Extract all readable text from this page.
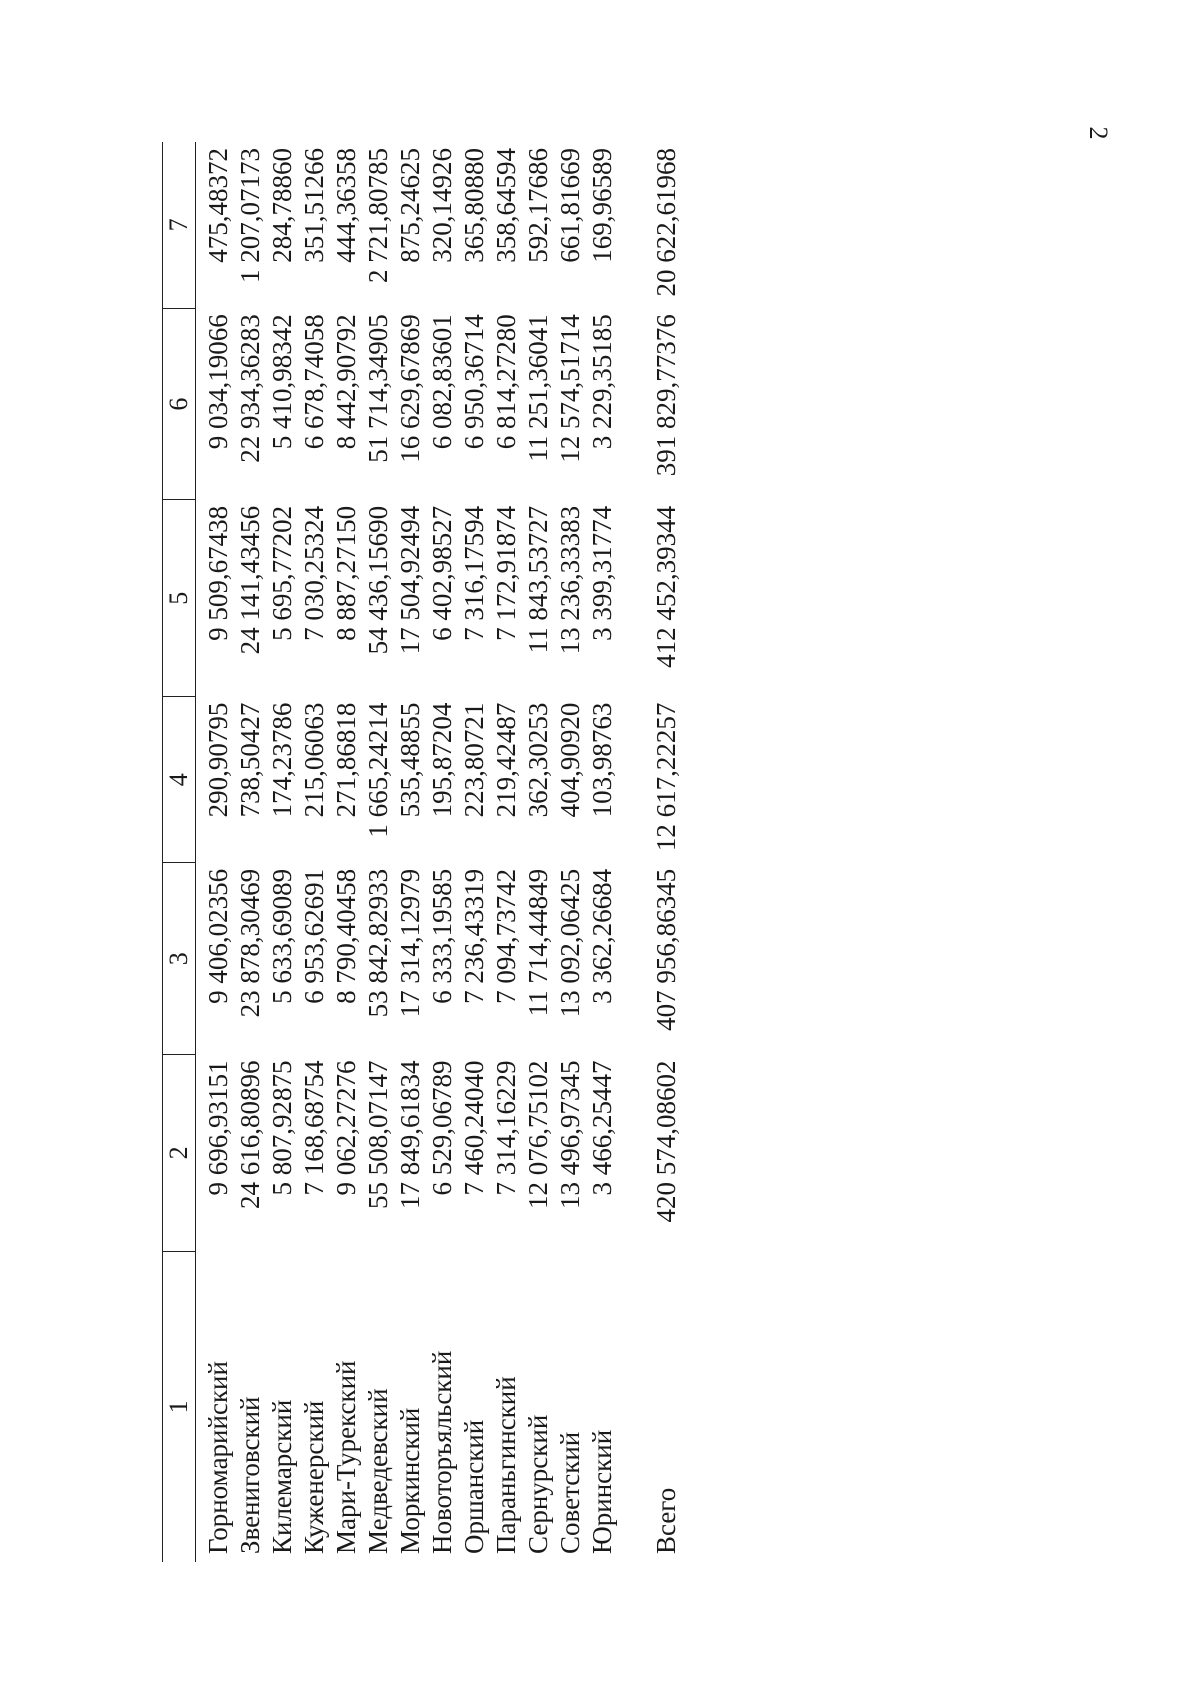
2
1	2	3	4	5	6	7
Горномарийский	9 696,93151	9 406,02356	290,90795	9 509,67438	9 034,19066	475,48372
Звениговский	24 616,80896	23 878,30469	738,50427	24 141,43456	22 934,36283	1 207,07173
Килемарский	5 807,92875	5 633,69089	174,23786	5 695,77202	5 410,98342	284,78860
Куженерский	7 168,68754	6 953,62691	215,06063	7 030,25324	6 678,74058	351,51266
Мари-Турекский	9 062,27276	8 790,40458	271,86818	8 887,27150	8 442,90792	444,36358
Медведевский	55 508,07147	53 842,82933	1 665,24214	54 436,15690	51 714,34905	2 721,80785
Моркинский	17 849,61834	17 314,12979	535,48855	17 504,92494	16 629,67869	875,24625
Новоторъяльский	6 529,06789	6 333,19585	195,87204	6 402,98527	6 082,83601	320,14926
Оршанский	7 460,24040	7 236,43319	223,80721	7 316,17594	6 950,36714	365,80880
Параньгинский	7 314,16229	7 094,73742	219,42487	7 172,91874	6 814,27280	358,64594
Сернурский	12 076,75102	11 714,44849	362,30253	11 843,53727	11 251,36041	592,17686
Советский	13 496,97345	13 092,06425	404,90920	13 236,33383	12 574,51714	661,81669
Юринский	3 466,25447	3 362,26684	103,98763	3 399,31774	3 229,35185	169,96589
Всего	420 574,08602	407 956,86345	12 617,22257	412 452,39344	391 829,77376	20 622,61968
